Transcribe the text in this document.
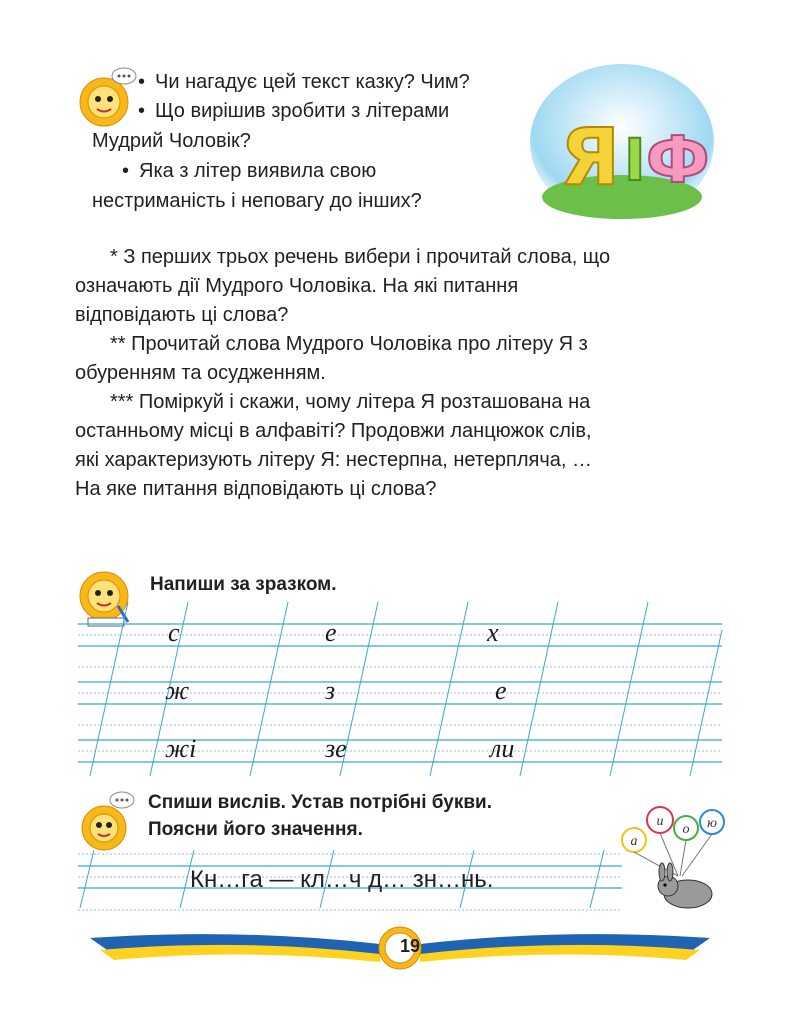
• Чи нагадує цей текст казку? Чим?
• Що вирішив зробити з літерами
Мудрий Чоловік?
• Яка з літер виявила свою
нестриманість і неповагу до інших? Я І Ф
* З перших трьох речень вибери і прочитай слова, що
означають дії Мудрого Чоловіка. На які питання
відповідають ці слова?
** Прочитай слова Мудрого Чоловіка про літеру Я з
обуренням та осудженням.
*** Поміркуй і скажи, чому літера Я розташована на
останньому місці в алфавіті? Продовжи ланцюжок слів,
які характеризують літеру Я: нестерпна, нетерпляча, …
На яке питання відповідають ці слова?
Напиши за зразком.
с	е	х
ж	з	е
жі	зе	ли
Спиши вислів. Устав потрібні букви.
Поясни його значення.
Кн…га — кл…ч д… зн…нь.
а
и
о ю
19
